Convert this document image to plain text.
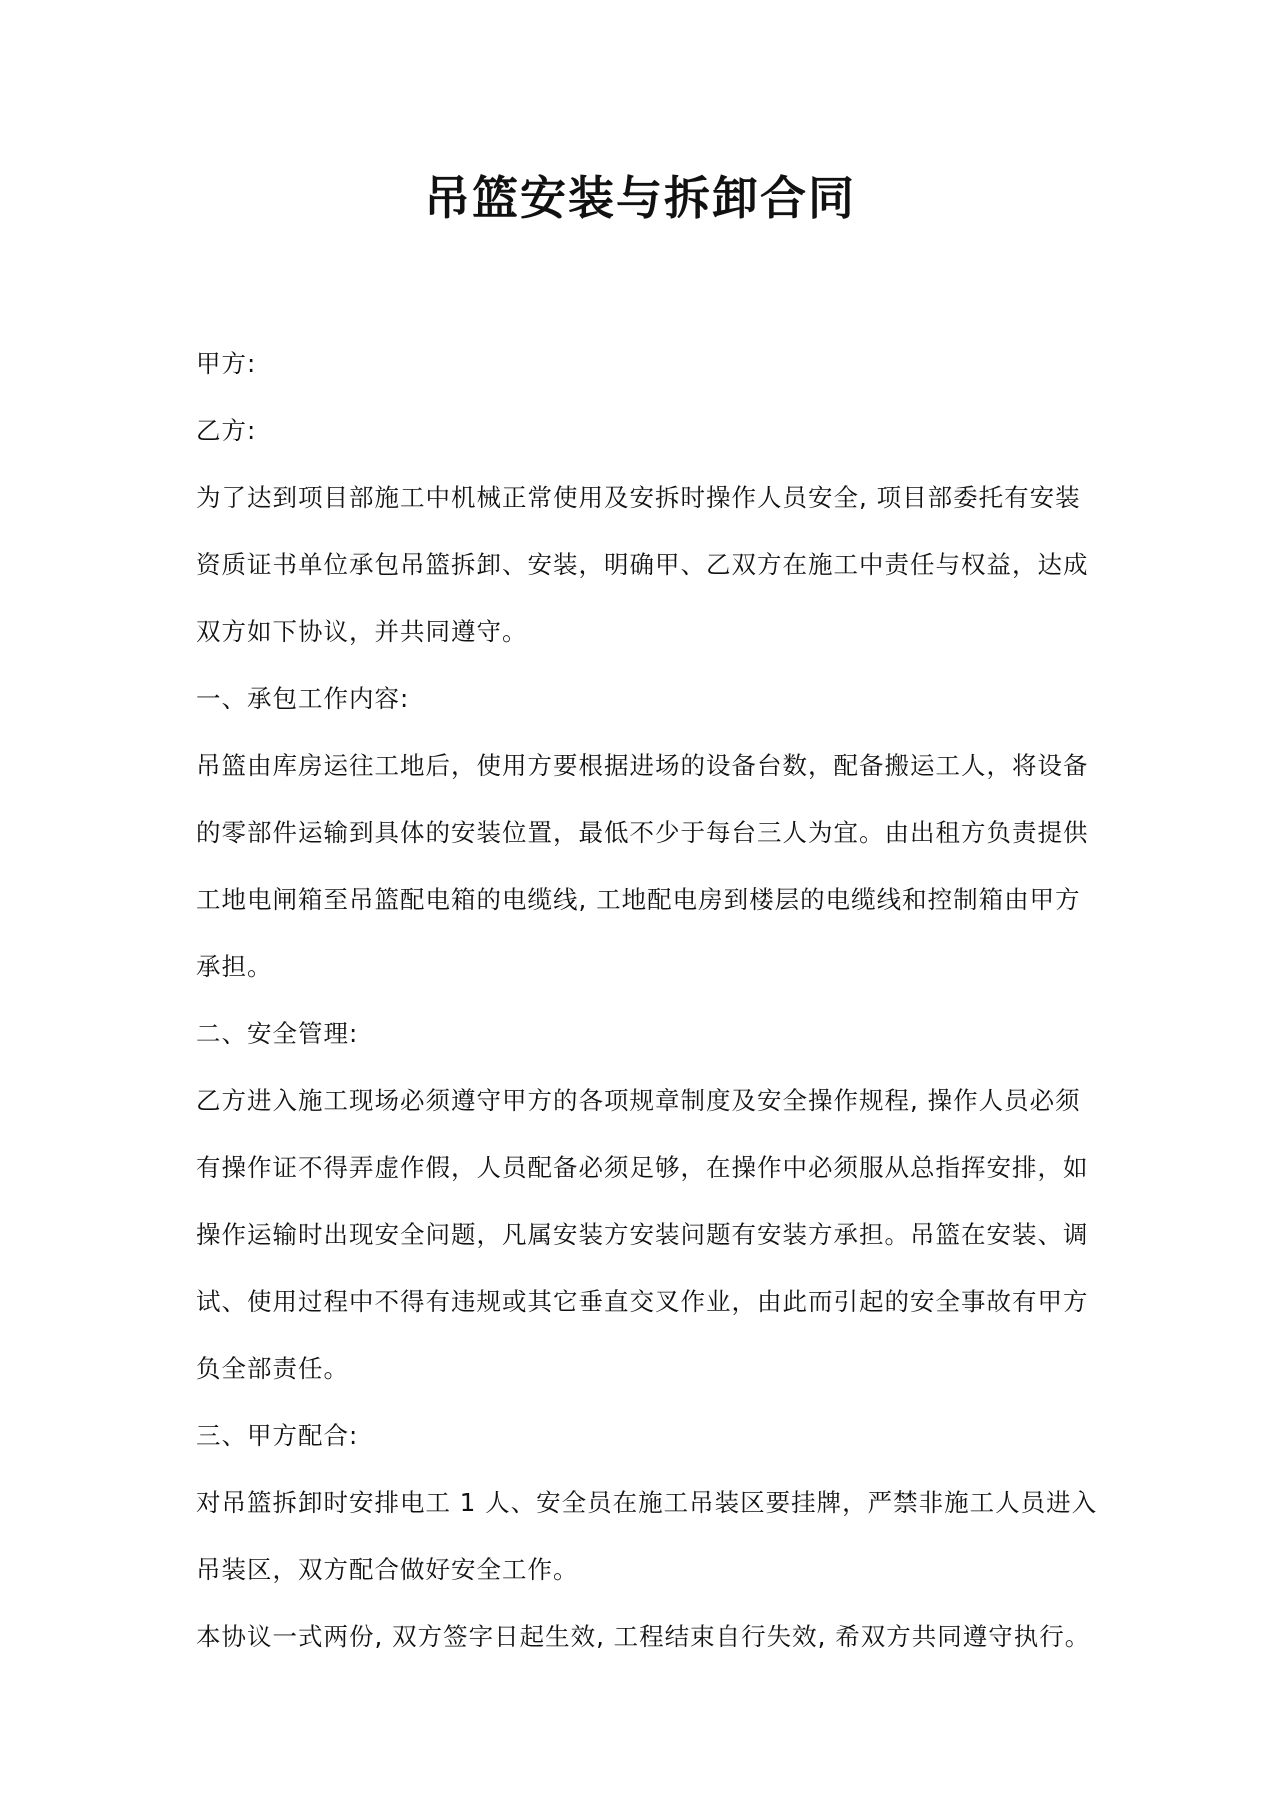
吊篮安装与拆卸合同

甲方:

乙方:

为了达到项目部施工中机械正常使用及安拆时操作人员安全, 项目部委托有安装

资质证书单位承包吊篮拆卸、安装，明确甲、乙双方在施工中责任与权益，达成

双方如下协议，并共同遵守。

一、承包工作内容:

吊篮由库房运往工地后，使用方要根据进场的设备台数，配备搬运工人，将设备

的零部件运输到具体的安装位置，最低不少于每台三人为宜。由出租方负责提供

工地电闸箱至吊篮配电箱的电缆线, 工地配电房到楼层的电缆线和控制箱由甲方

承担。

二、安全管理:

乙方进入施工现场必须遵守甲方的各项规章制度及安全操作规程, 操作人员必须

有操作证不得弄虚作假，人员配备必须足够，在操作中必须服从总指挥安排，如

操作运输时出现安全问题，凡属安装方安装问题有安装方承担。吊篮在安装、调

试、使用过程中不得有违规或其它垂直交叉作业，由此而引起的安全事故有甲方

负全部责任。

三、甲方配合:

对吊篮拆卸时安排电工 1 人、安全员在施工吊装区要挂牌，严禁非施工人员进入

吊装区，双方配合做好安全工作。

本协议一式两份, 双方签字日起生效, 工程结束自行失效, 希双方共同遵守执行。
